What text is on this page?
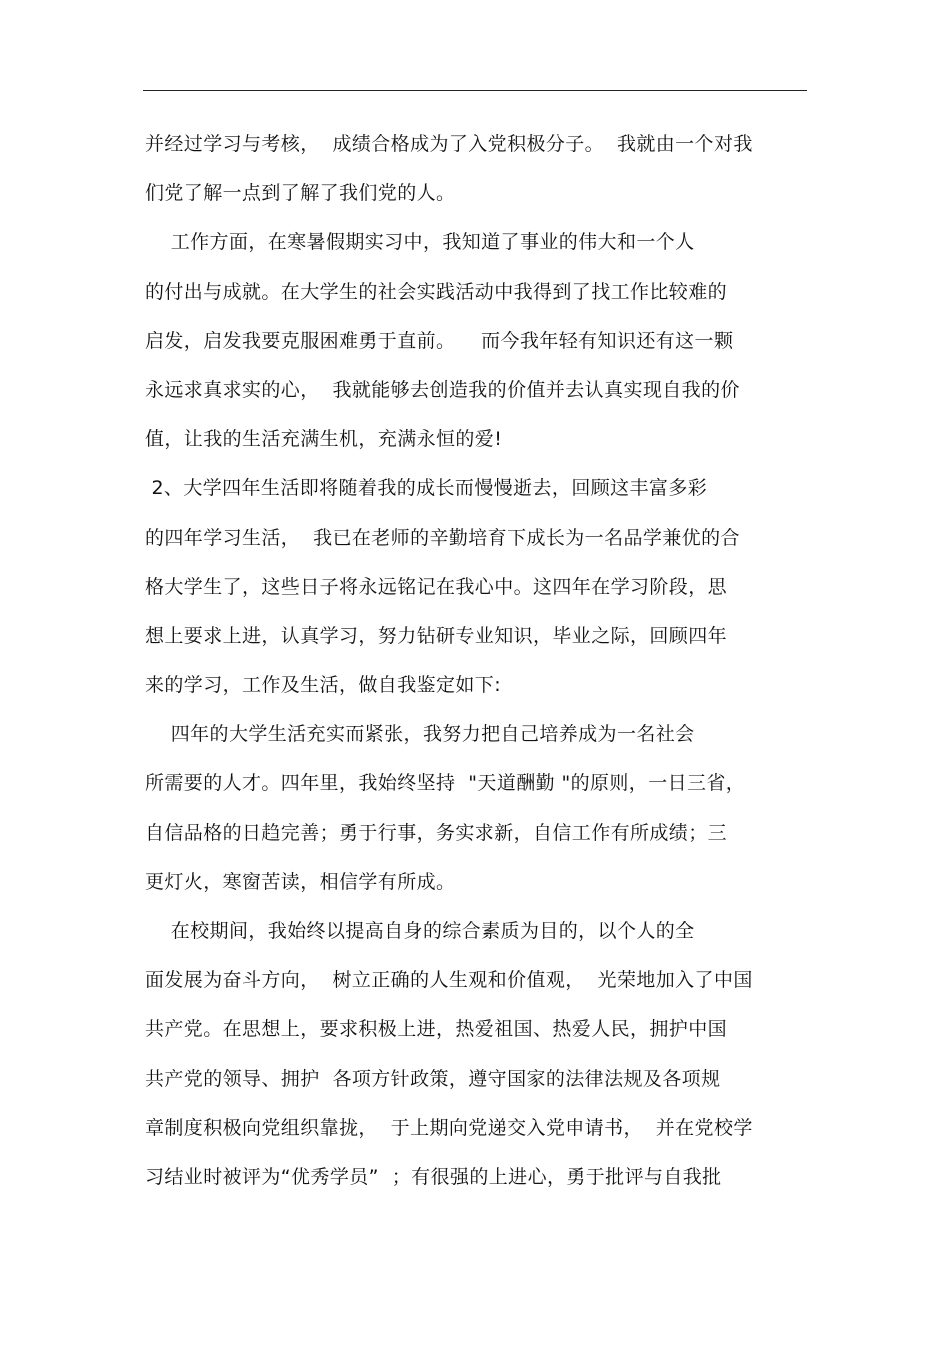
并经过学习与考核，  成绩合格成为了入党积极分子。  我就由一个对我
们党了解一点到了解了我们党的人。
工作方面，在寒暑假期实习中，我知道了事业的伟大和一个人
的付出与成就。在大学生的社会实践活动中我得到了找工作比较难的
启发，启发我要克服困难勇于直前。    而今我年轻有知识还有这一颗
永远求真求实的心，  我就能够去创造我的价值并去认真实现自我的价
值，让我的生活充满生机，充满永恒的爱!
2、大学四年生活即将随着我的成长而慢慢逝去，回顾这丰富多彩
的四年学习生活，  我已在老师的辛勤培育下成长为一名品学兼优的合
格大学生了，这些日子将永远铭记在我心中。这四年在学习阶段，思
想上要求上进，认真学习，努力钻研专业知识，毕业之际，回顾四年
来的学习，工作及生活，做自我鉴定如下:
四年的大学生活充实而紧张，我努力把自己培养成为一名社会
所需要的人才。四年里，我始终坚持  "天道酬勤 "的原则，一日三省，
自信品格的日趋完善；勇于行事，务实求新，自信工作有所成绩；三
更灯火，寒窗苦读，相信学有所成。
在校期间，我始终以提高自身的综合素质为目的，以个人的全
面发展为奋斗方向，  树立正确的人生观和价值观，  光荣地加入了中国
共产党。在思想上，要求积极上进，热爱祖国、热爱人民，拥护中国
共产党的领导、拥护  各项方针政策，遵守国家的法律法规及各项规
章制度积极向党组织靠拢，  于上期向党递交入党申请书，  并在党校学
习结业时被评为“优秀学员”  ；有很强的上进心，勇于批评与自我批
